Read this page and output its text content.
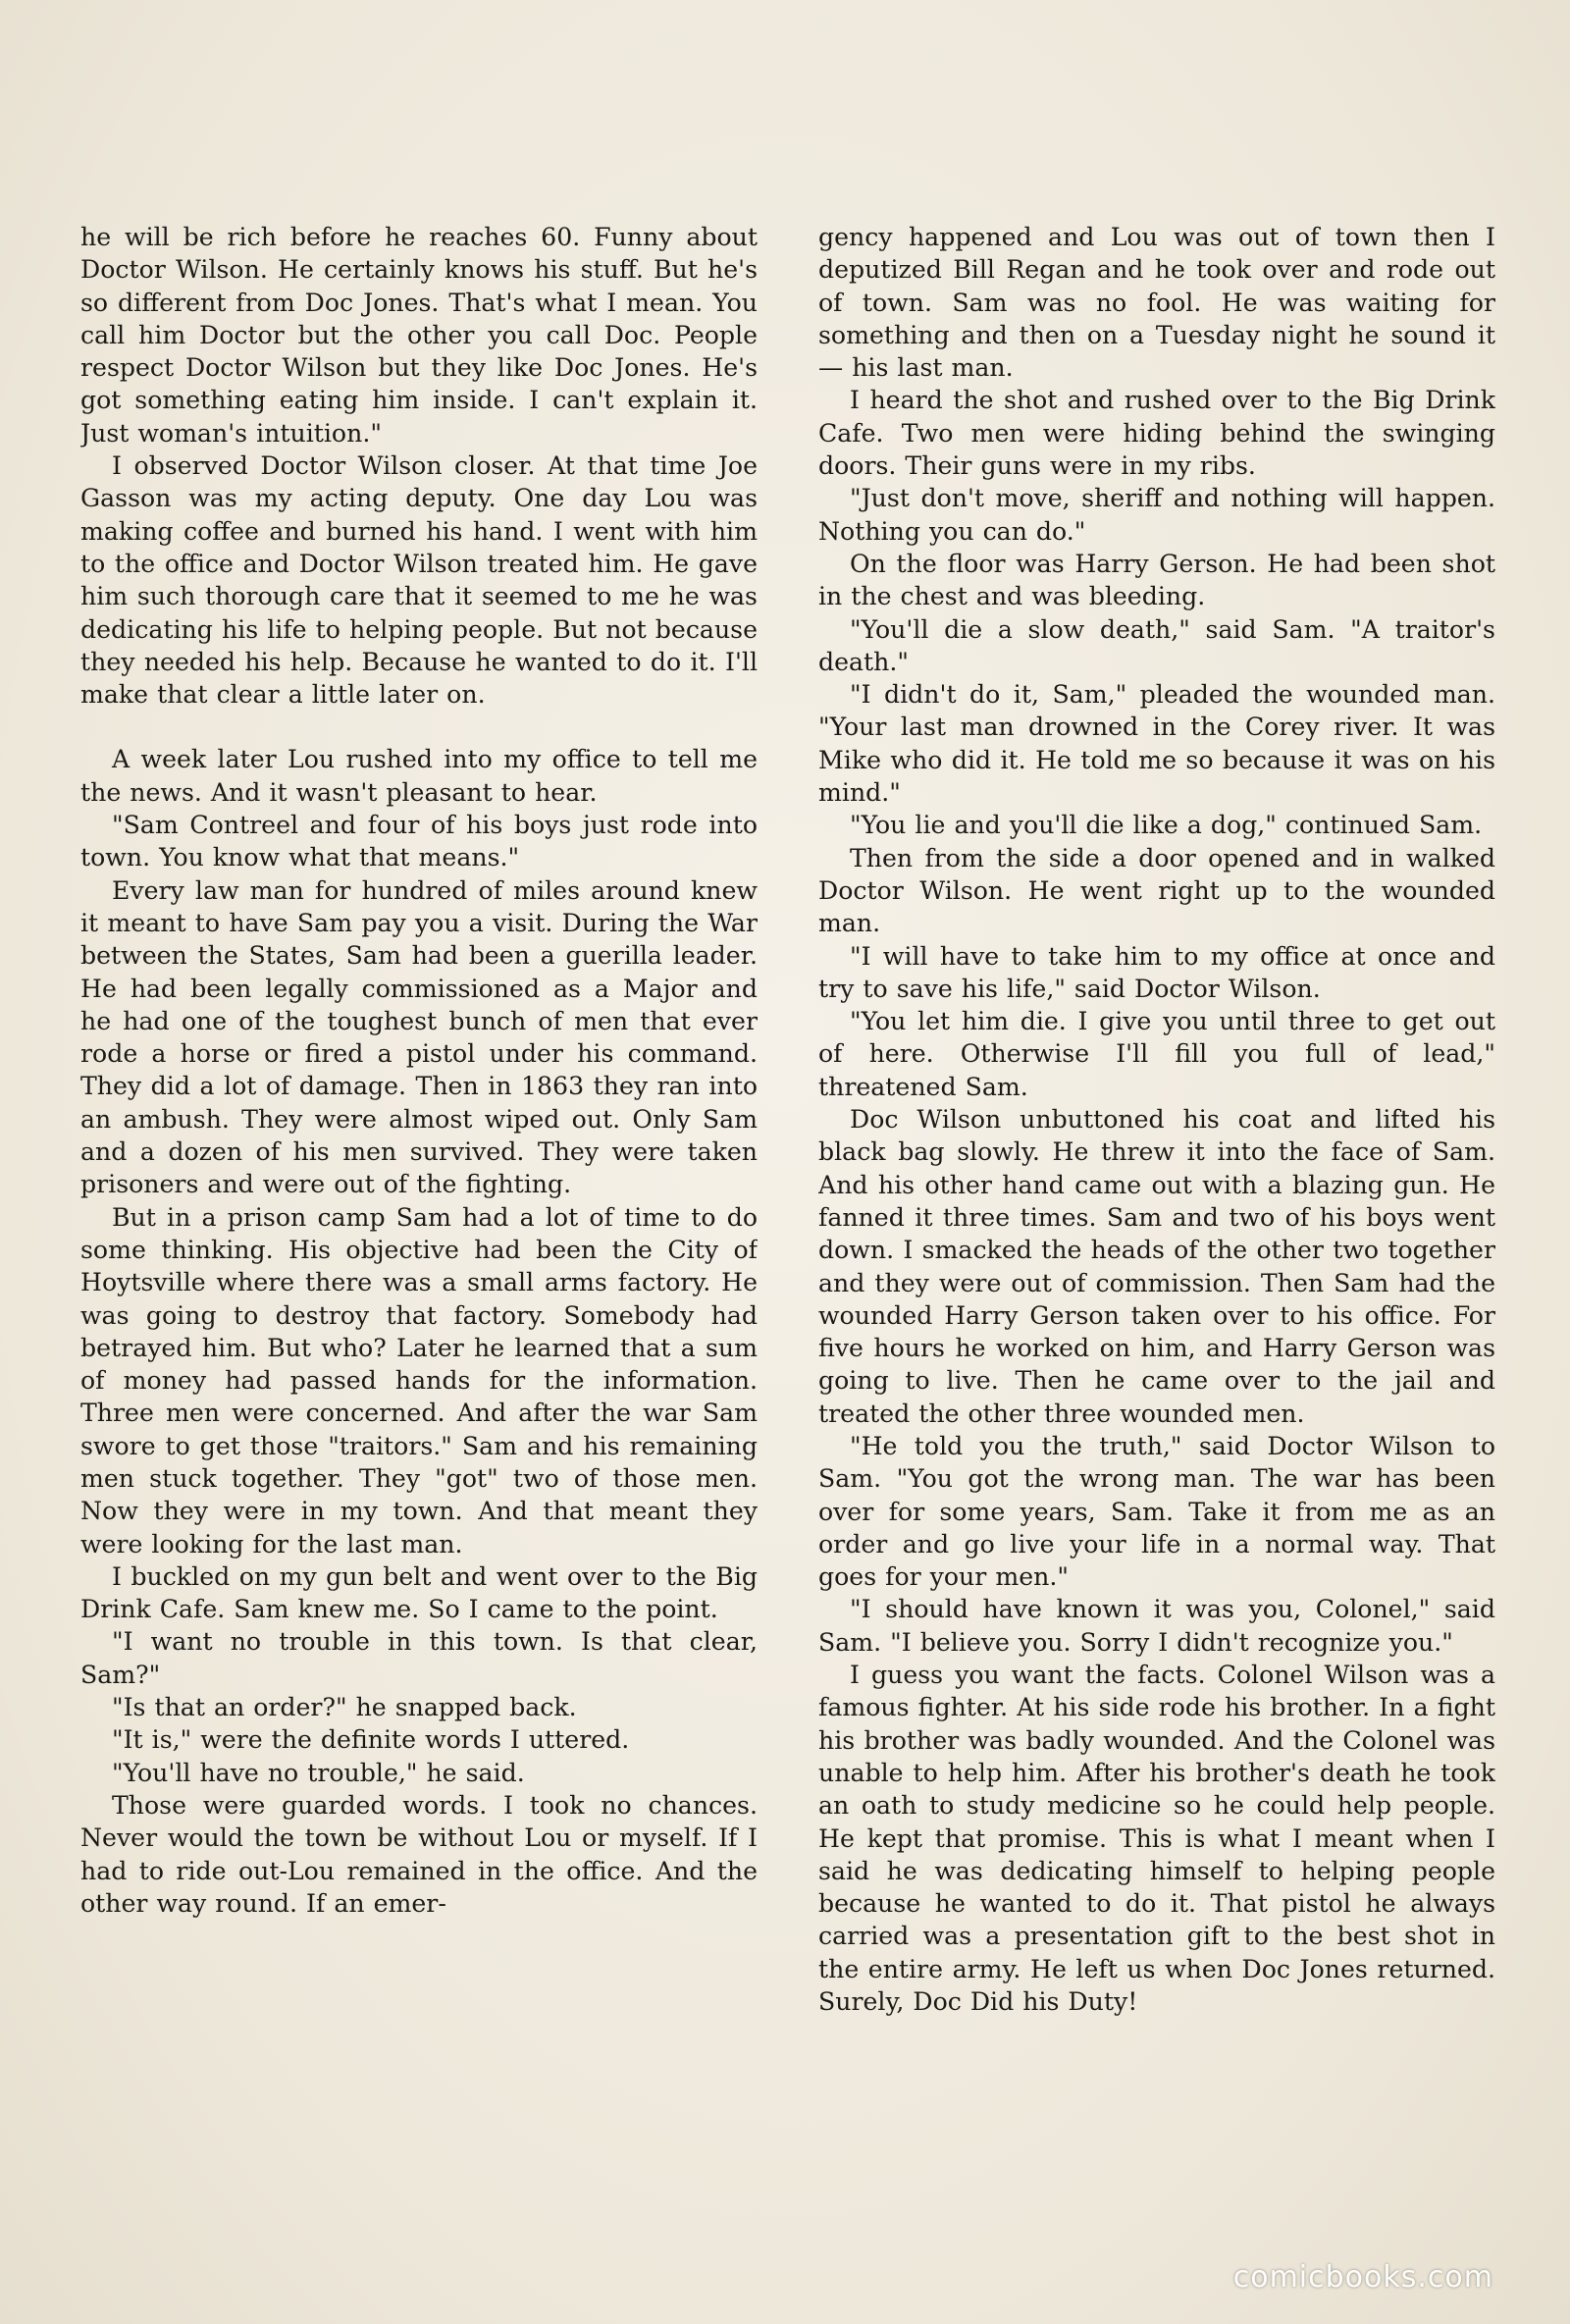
he will be rich before he reaches 60. Funny about Doctor Wilson. He certainly knows his stuff. But he's so different from Doc Jones. That's what I mean. You call him Doctor but the other you call Doc. People respect Doctor Wilson but they like Doc Jones. He's got something eating him inside. I can't explain it. Just woman's intuition."

I observed Doctor Wilson closer. At that time Joe Gasson was my acting deputy. One day Lou was making coffee and burned his hand. I went with him to the office and Doctor Wilson treated him. He gave him such thorough care that it seemed to me he was dedicating his life to helping people. But not because they needed his help. Because he wanted to do it. I'll make that clear a little later on.

A week later Lou rushed into my office to tell me the news. And it wasn't pleasant to hear.

"Sam Contreel and four of his boys just rode into town. You know what that means."

Every law man for hundred of miles around knew it meant to have Sam pay you a visit. During the War between the States, Sam had been a guerilla leader. He had been legally commissioned as a Major and he had one of the toughest bunch of men that ever rode a horse or fired a pistol under his command. They did a lot of damage. Then in 1863 they ran into an ambush. They were almost wiped out. Only Sam and a dozen of his men survived. They were taken prisoners and were out of the fighting.

But in a prison camp Sam had a lot of time to do some thinking. His objective had been the City of Hoytsville where there was a small arms factory. He was going to destroy that factory. Somebody had betrayed him. But who? Later he learned that a sum of money had passed hands for the information. Three men were concerned. And after the war Sam swore to get those "traitors." Sam and his remaining men stuck together. They "got" two of those men. Now they were in my town. And that meant they were looking for the last man.

I buckled on my gun belt and went over to the Big Drink Cafe. Sam knew me. So I came to the point.

"I want no trouble in this town. Is that clear, Sam?"

"Is that an order?" he snapped back.

"It is," were the definite words I uttered.

"You'll have no trouble," he said.

Those were guarded words. I took no chances. Never would the town be without Lou or myself. If I had to ride out-Lou remained in the office. And the other way round. If an emer-

gency happened and Lou was out of town then I deputized Bill Regan and he took over and rode out of town. Sam was no fool. He was waiting for something and then on a Tuesday night he sound it — his last man.

I heard the shot and rushed over to the Big Drink Cafe. Two men were hiding behind the swinging doors. Their guns were in my ribs.

"Just don't move, sheriff and nothing will happen. Nothing you can do."

On the floor was Harry Gerson. He had been shot in the chest and was bleeding.

"You'll die a slow death," said Sam. "A traitor's death."

"I didn't do it, Sam," pleaded the wounded man. "Your last man drowned in the Corey river. It was Mike who did it. He told me so because it was on his mind."

"You lie and you'll die like a dog," continued Sam.

Then from the side a door opened and in walked Doctor Wilson. He went right up to the wounded man.

"I will have to take him to my office at once and try to save his life," said Doctor Wilson.

"You let him die. I give you until three to get out of here. Otherwise I'll fill you full of lead," threatened Sam.

Doc Wilson unbuttoned his coat and lifted his black bag slowly. He threw it into the face of Sam. And his other hand came out with a blazing gun. He fanned it three times. Sam and two of his boys went down. I smacked the heads of the other two together and they were out of commission. Then Sam had the wounded Harry Gerson taken over to his office. For five hours he worked on him, and Harry Gerson was going to live. Then he came over to the jail and treated the other three wounded men.

"He told you the truth," said Doctor Wilson to Sam. "You got the wrong man. The war has been over for some years, Sam. Take it from me as an order and go live your life in a normal way. That goes for your men."

"I should have known it was you, Colonel," said Sam. "I believe you. Sorry I didn't recognize you."

I guess you want the facts. Colonel Wilson was a famous fighter. At his side rode his brother. In a fight his brother was badly wounded. And the Colonel was unable to help him. After his brother's death he took an oath to study medicine so he could help people. He kept that promise. This is what I meant when I said he was dedicating himself to helping people because he wanted to do it. That pistol he always carried was a presentation gift to the best shot in the entire army. He left us when Doc Jones returned. Surely, Doc Did his Duty!

comicbooks.com
